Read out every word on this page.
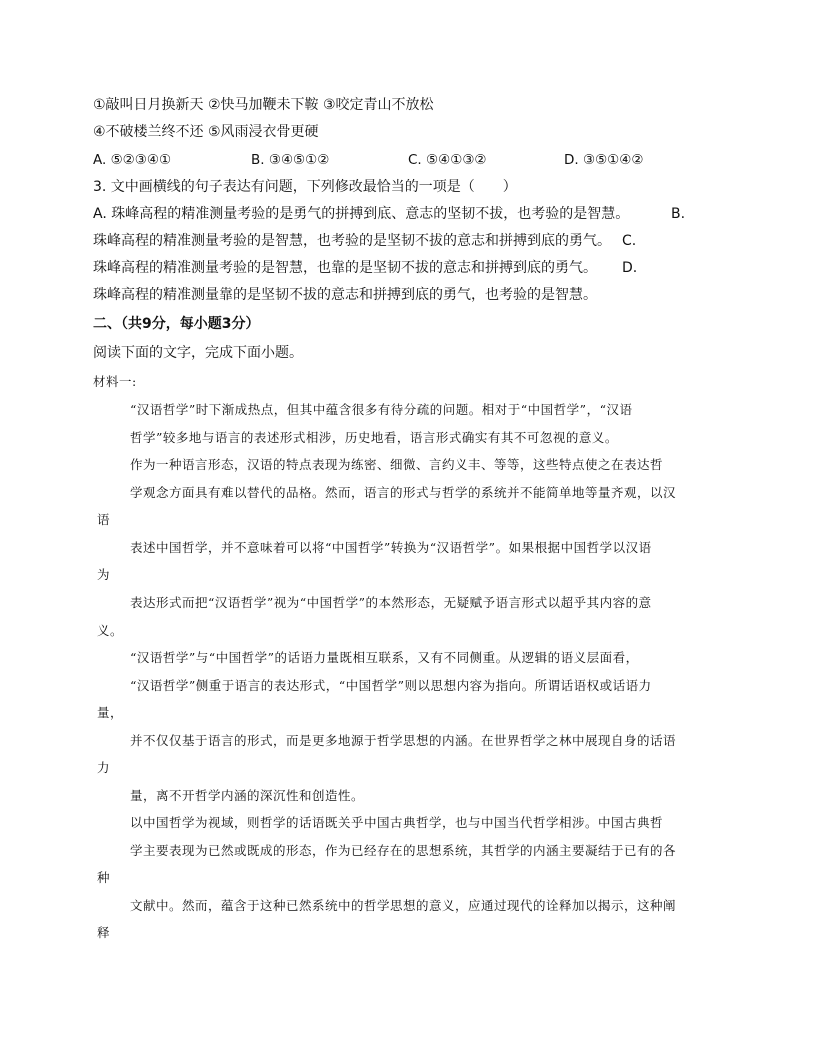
①敲叫日月换新天 ②快马加鞭未下鞍 ③咬定青山不放松
④不破楼兰终不还 ⑤风雨浸衣骨更硬
A. ⑤②③④①	B. ③④⑤①②	C. ⑤④①③②	D. ③⑤①④②
3. 文中画横线的句子表达有问题，下列修改最恰当的一项是（　　）
A. 珠峰高程的精准测量考验的是勇气的拼搏到底、意志的坚韧不拔，也考验的是智慧。	B.
珠峰高程的精准测量考验的是智慧，也考验的是坚韧不拔的意志和拼搏到底的勇气。 C.
珠峰高程的精准测量考验的是智慧，也靠的是坚韧不拔的意志和拼搏到底的勇气。 D.
珠峰高程的精准测量靠的是坚韧不拔的意志和拼搏到底的勇气，也考验的是智慧。
二、（共9分，每小题3分）
阅读下面的文字，完成下面小题。
材料一:
“汉语哲学”时下渐成热点，但其中蕴含很多有待分疏的问题。相对于“中国哲学”，“汉语
哲学”较多地与语言的表述形式相涉，历史地看，语言形式确实有其不可忽视的意义。
作为一种语言形态，汉语的特点表现为练密、细微、言约义丰、等等，这些特点使之在表达哲
学观念方面具有难以替代的品格。然而，语言的形式与哲学的系统并不能简单地等量齐观，以汉
语
表述中国哲学，并不意味着可以将“中国哲学”转换为“汉语哲学”。如果根据中国哲学以汉语
为
表达形式而把“汉语哲学”视为“中国哲学”的本然形态，无疑赋予语言形式以超乎其内容的意
义。
“汉语哲学”与“中国哲学”的话语力量既相互联系，又有不同侧重。从逻辑的语义层面看，
“汉语哲学”侧重于语言的表达形式，“中国哲学”则以思想内容为指向。所谓话语权或话语力
量，
并不仅仅基于语言的形式，而是更多地源于哲学思想的内涵。在世界哲学之林中展现自身的话语
力
量，离不开哲学内涵的深沉性和创造性。
以中国哲学为视域，则哲学的话语既关乎中国古典哲学，也与中国当代哲学相涉。中国古典哲
学主要表现为已然或既成的形态，作为已经存在的思想系统，其哲学的内涵主要凝结于已有的各
种
文献中。然而，蕴含于这种已然系统中的哲学思想的意义，应通过现代的诠释加以揭示，这种阐
释
